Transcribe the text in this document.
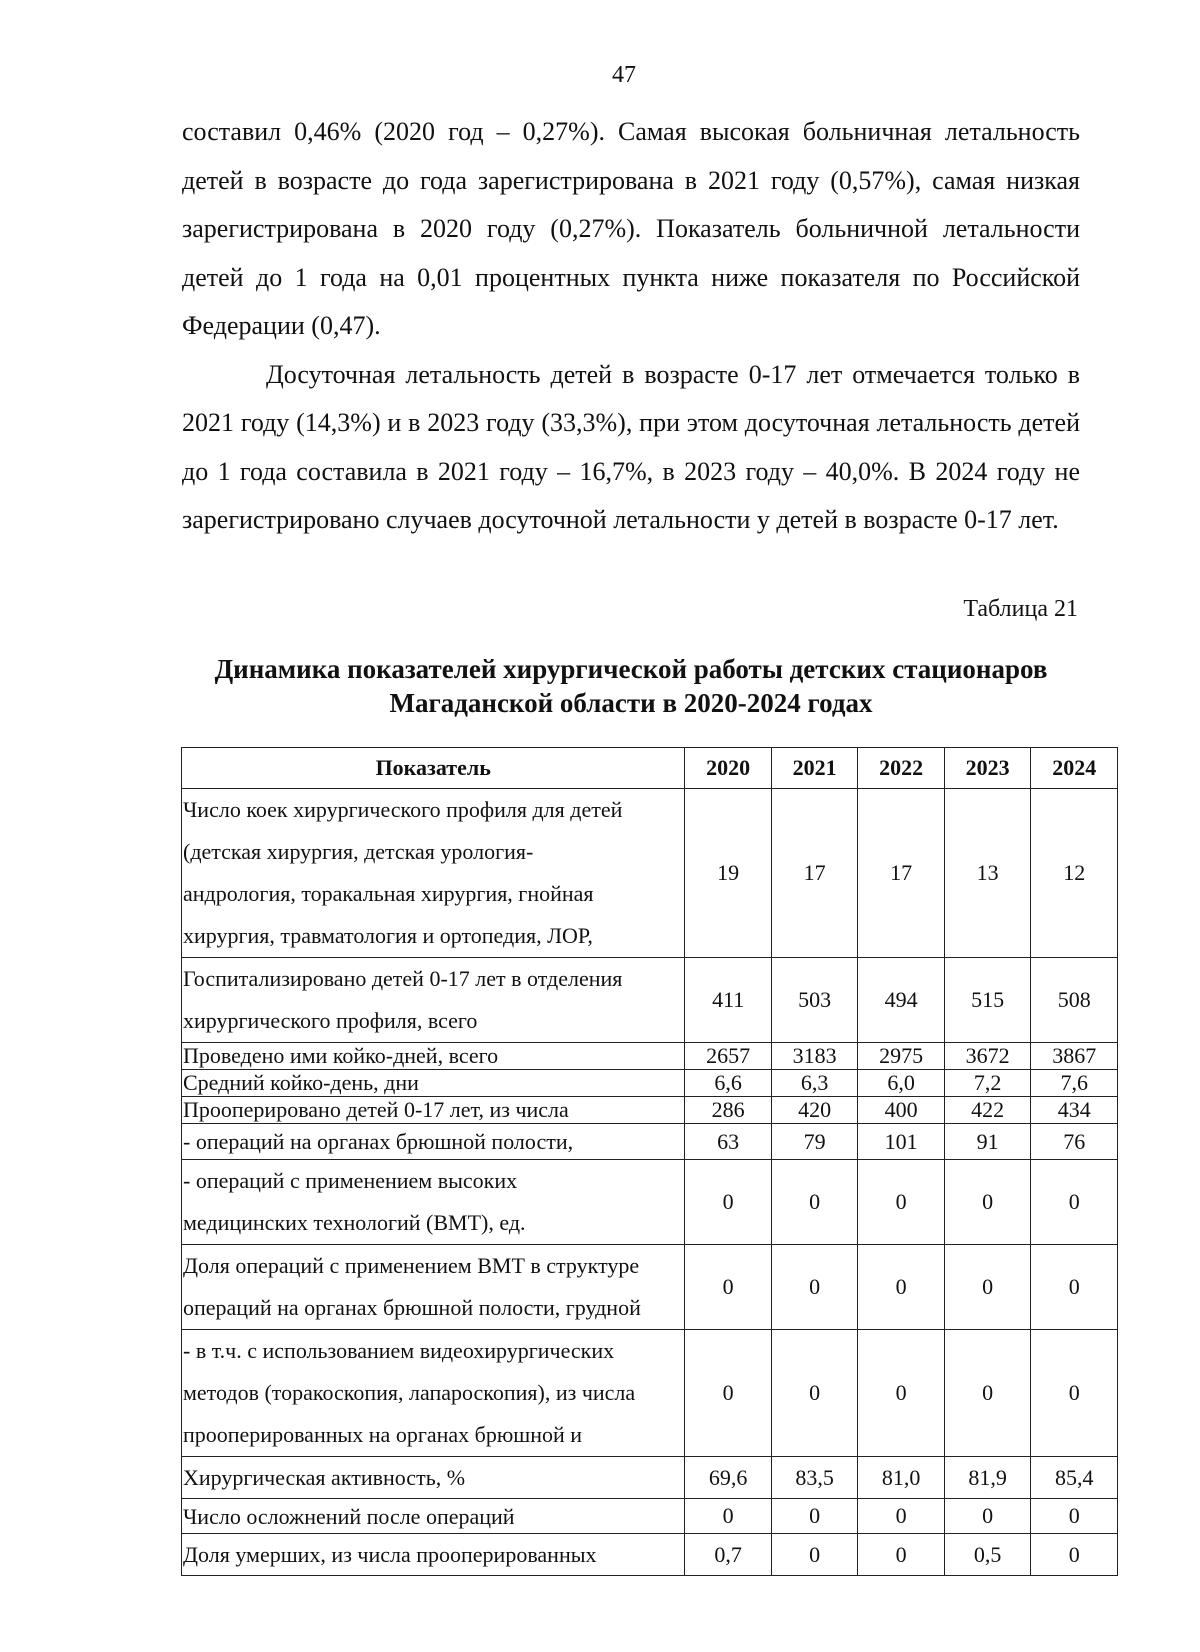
47

составил 0,46% (2020 год – 0,27%). Самая высокая больничная летальность детей в возрасте до года зарегистрирована в 2021 году (0,57%), самая низкая зарегистрирована в 2020 году (0,27%). Показатель больничной летальности детей до 1 года на 0,01 процентных пункта ниже показателя по Российской Федерации (0,47).

Досуточная летальность детей в возрасте 0-17 лет отмечается только в 2021 году (14,3%) и в 2023 году (33,3%), при этом досуточная летальность детей до 1 года составила в 2021 году – 16,7%, в 2023 году – 40,0%. В 2024 году не зарегистрировано случаев досуточной летальности у детей в возрасте 0-17 лет.

Таблица 21
Динамика показателей хирургической работы детских стационаров
Магаданской области в 2020-2024 годах
Показатель	2020	2021	2022	2023	2024

Число коек хирургического профиля для детей
(детская хирургия, детская урология-
андрология, торакальная хирургия, гнойная
хирургия, травматология и ортопедия, ЛОР,	19	17	17	13	12

Госпитализировано детей 0-17 лет в отделения
хирургического профиля, всего	411	503	494	515	508

Проведено ими койко-дней, всего	2657	3183	2975	3672	3867

Средний койко-день, дни	6,6	6,3	6,0	7,2	7,6

Прооперировано детей 0-17 лет, из числа	286	420	400	422	434

- операций на органах брюшной полости,	63	79	101	91	76

- операций с применением высоких
медицинских технологий (ВМТ), ед.	0	0	0	0	0

Доля операций с применением ВМТ в структуре
операций на органах брюшной полости, грудной	0	0	0	0	0

- в т.ч. с использованием видеохирургических
методов (торакоскопия, лапароскопия), из числа
прооперированных на органах брюшной и	0	0	0	0	0

Хирургическая активность, %	69,6	83,5	81,0	81,9	85,4

Число осложнений после операций	0	0	0	0	0

Доля умерших, из числа прооперированных	0,7	0	0	0,5	0
